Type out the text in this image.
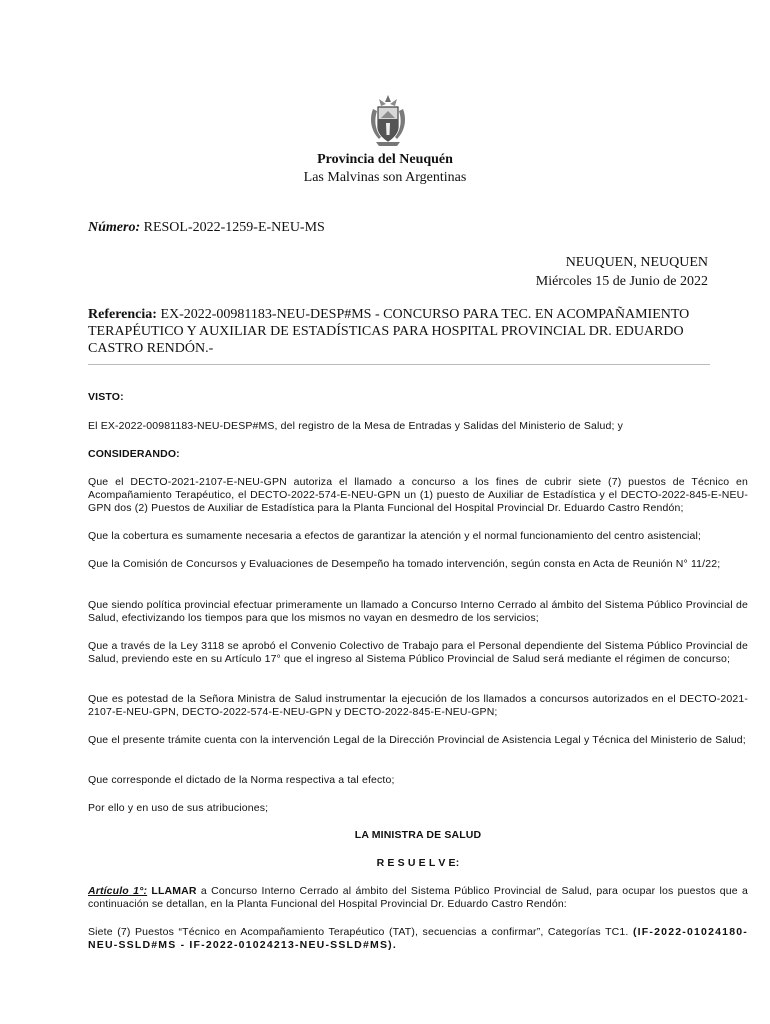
Provincia del Neuquén
Las Malvinas son Argentinas
Número: RESOL-2022-1259-E-NEU-MS
NEUQUEN, NEUQUEN
Miércoles 15 de Junio de 2022
Referencia: EX-2022-00981183-NEU-DESP#MS - CONCURSO PARA TEC. EN ACOMPAÑAMIENTO TERAPÉUTICO Y AUXILIAR DE ESTADÍSTICAS PARA HOSPITAL PROVINCIAL DR. EDUARDO CASTRO RENDÓN.-

VISTO:

El EX-2022-00981183-NEU-DESP#MS, del registro de la Mesa de Entradas y Salidas del Ministerio de Salud; y

CONSIDERANDO:

Que el DECTO-2021-2107-E-NEU-GPN autoriza el llamado a concurso a los fines de cubrir siete (7) puestos de Técnico en Acompañamiento Terapéutico, el DECTO-2022-574-E-NEU-GPN un (1) puesto de Auxiliar de Estadística y el DECTO-2022-845-E-NEU-GPN dos (2) Puestos de Auxiliar de Estadística para la Planta Funcional del Hospital Provincial Dr. Eduardo Castro Rendón;

Que la cobertura es sumamente necesaria a efectos de garantizar la atención y el normal funcionamiento del centro asistencial;

Que la Comisión de Concursos y Evaluaciones de Desempeño ha tomado intervención, según consta en Acta de Reunión N° 11/22;

Que siendo política provincial efectuar primeramente un llamado a Concurso Interno Cerrado al ámbito del Sistema Público Provincial de Salud, efectivizando los tiempos para que los mismos no vayan en desmedro de los servicios;

Que a través de la Ley 3118 se aprobó el Convenio Colectivo de Trabajo para el Personal dependiente del Sistema Público Provincial de Salud, previendo este en su Artículo 17° que el ingreso al Sistema Público Provincial de Salud será mediante el régimen de concurso;

Que es potestad de la Señora Ministra de Salud instrumentar la ejecución de los llamados a concursos autorizados en el DECTO-2021-2107-E-NEU-GPN, DECTO-2022-574-E-NEU-GPN y DECTO-2022-845-E-NEU-GPN;

Que el presente trámite cuenta con la intervención Legal de la Dirección Provincial de Asistencia Legal y Técnica del Ministerio de Salud;

Que corresponde el dictado de la Norma respectiva a tal efecto;

Por ello y en uso de sus atribuciones;

LA MINISTRA DE SALUD

R E S U E L V E:

Artículo 1°: LLAMAR a Concurso Interno Cerrado al ámbito del Sistema Público Provincial de Salud, para ocupar los puestos que a continuación se detallan, en la Planta Funcional del Hospital Provincial Dr. Eduardo Castro Rendón:

Siete (7) Puestos “Técnico en Acompañamiento Terapéutico (TAT), secuencias a confirmar”, Categorías TC1. (IF-2022-01024180-NEU-SSLD#MS - IF-2022-01024213-NEU-SSLD#MS).
